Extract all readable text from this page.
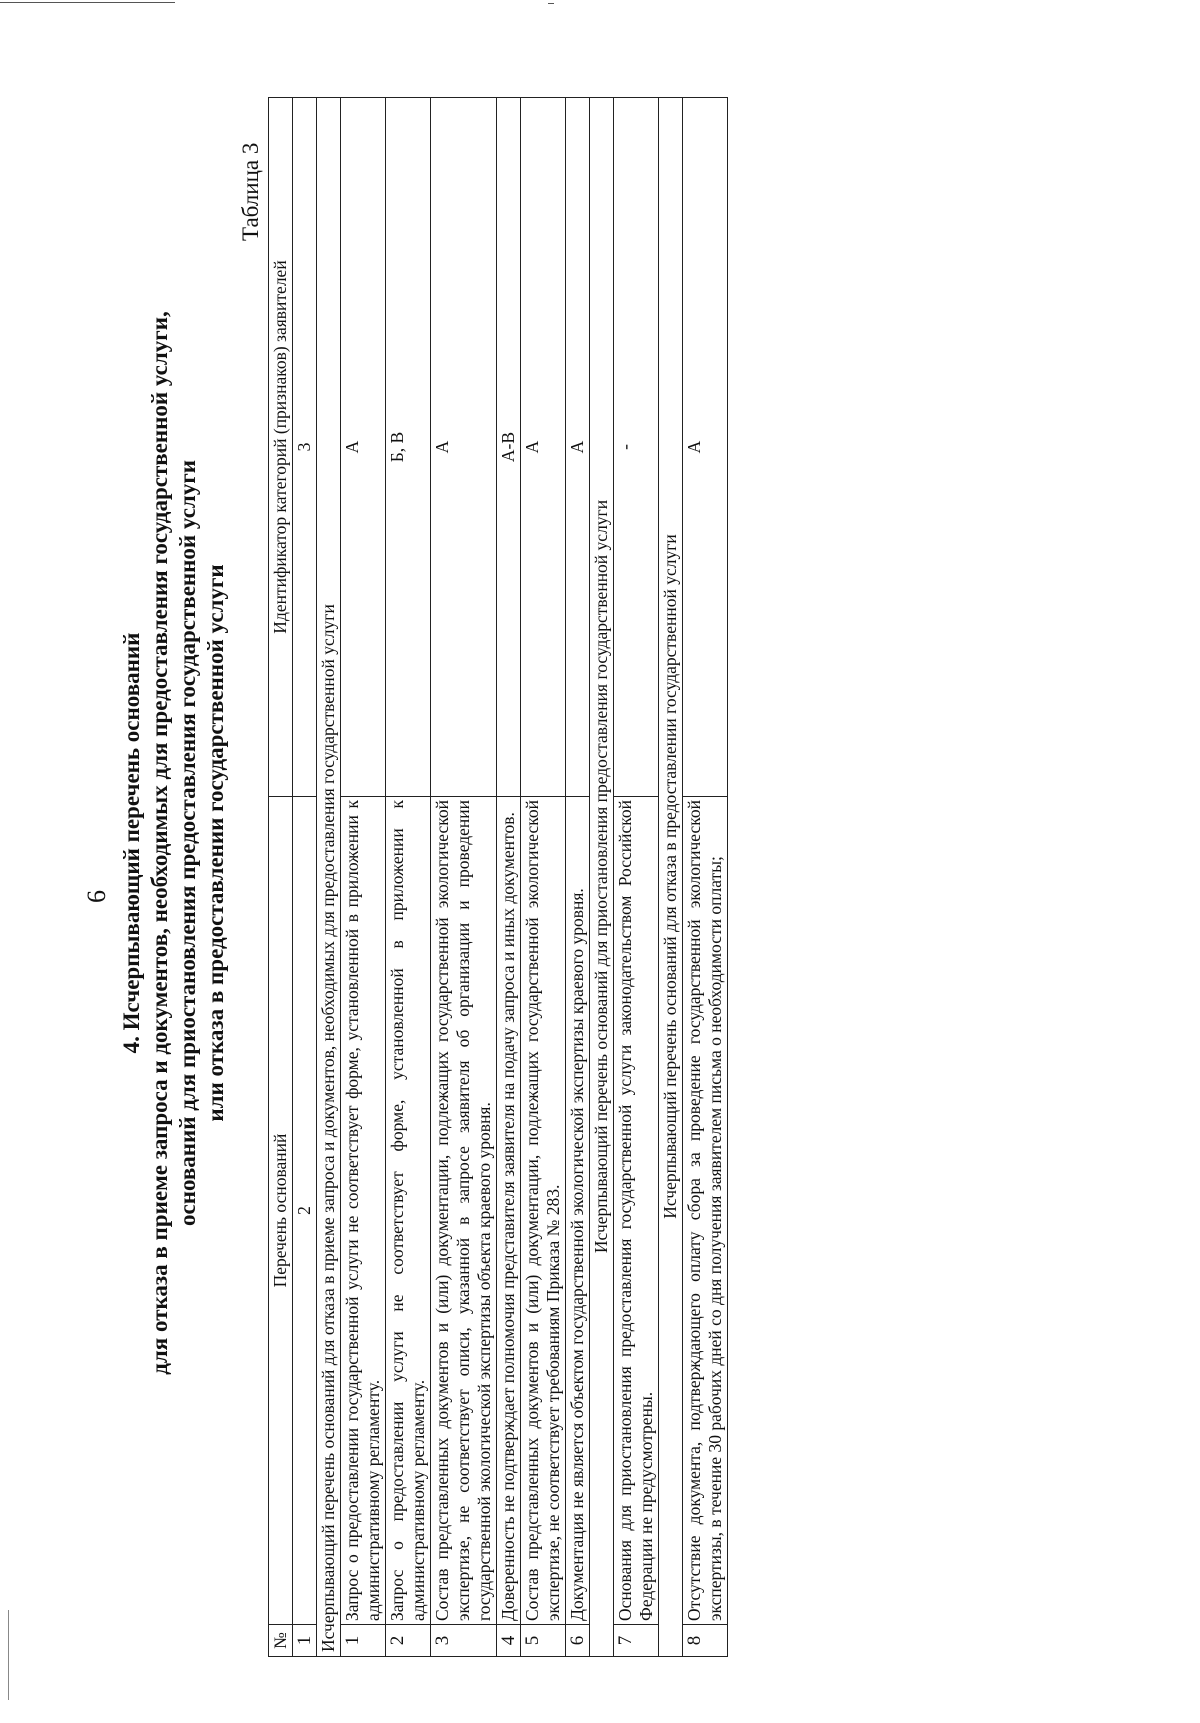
6 4. Исчерпывающий перечень оснований для отказа в приеме запроса и документов, необходимых для предоставления государственной услуги, оснований для приостановления предоставления государственной услуги или отказа в предоставлении государственной услуги
Таблица 3
№	Перечень оснований	Идентификатор категорий (признаков) заявителей
1	2	3
Исчерпывающий перечень оснований для отказа в приеме запроса и документов, необходимых для предоставления государственной услуги		
1	Запрос о предоставлении государственной услуги не соответствует форме, установленной в приложении к административному регламенту.	А
2	Запрос о предоставлении услуги не соответствует форме, установленной в приложении к административному регламенту.	Б, В
3	Состав представленных документов и (или) документации, подлежащих государственной экологической экспертизе, не соответствует описи, указанной в запросе заявителя об организации и проведении государственной экологической экспертизы объекта краевого уровня.	А
4	Доверенность не подтверждает полномочия представителя заявителя на подачу запроса и иных документов.	А-В
5	Состав представленных документов и (или) документации, подлежащих государственной экологической экспертизе, не соответствует требованиям Приказа № 283.	А
6	Документация не является объектом государственной экологической экспертизы краевого уровня.	А
Исчерпывающий перечень оснований для приостановления предоставления государственной услуги		
7	Основания для приостановления предоставления государственной услуги законодательством Российской Федерации не предусмотрены.	-
Исчерпывающий перечень оснований для отказа в предоставлении государственной услуги		
8	Отсутствие документа, подтверждающего оплату сбора за проведение государственной экологической экспертизы, в течение 30 рабочих дней со дня получения заявителем письма о необходимости оплаты;	А
